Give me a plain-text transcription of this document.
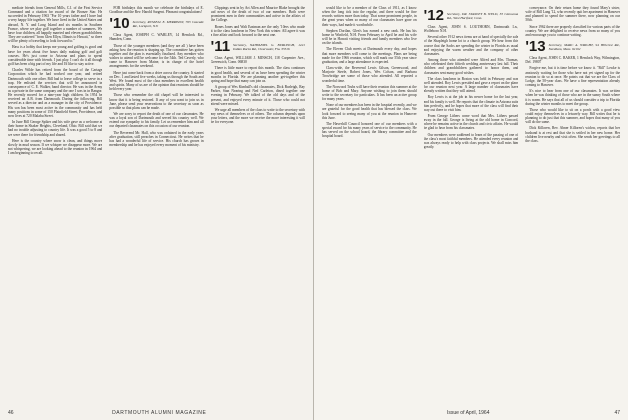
mediate friends from General Mills, C.I. of the First Service Command and a citation for award of the Bronze Star. He succeeded in February 1963 "For 10 years father and I have had a very happy life together. We have lived in the United States and abroad, N. Y. and Long Island and six months in Southern France, where we play golf together a number of summers. We have four children, all happily married and eleven grandchildren. They are scattered "from Glen Ellyn, Illinois to Hawaii," so there will be plenty of traveling to look forward to."

Hass is a hobby that keeps me young and golfing is good and have for years about five hours daily making golf and golf courses. He's just come to Arizona and plans to spend considerable time with friends. I just play. I can't do it all though golf has been a big part of my life and I'd like to stay active.

Charles Wilde has retired from the board of the Cartage Corporation which he had worked one year, and retired Dartmouth with one other. Bill had to leave college to serve in a trap. He enlisted the services that will be announced in consequence of C. E. Walker, band director. He was in the Army as a private in the same company and the one I was in in Bangor. He recently moved for a nine-year high children. In 1954 he received an A.B. from Dartmouth. During the following, Bill served as a director and as a manager in the city of Providence. His son has been most active in the community and has held many positions in some of 150 Plainfield Street, Providence, and now lives at 720 Malabu Street.

In June Bill George Spiker and his wife gave us a welcome at their home in Shaker Heights, Cleveland, Ohio. Bill said that we had no trouble adjusting to country life. It was a good 5 to 8 and we were there for friendship and shared.

Here is the country where snow is clean, and things move slowly in mud season. If we whisper we disappear more. We are not whispering, we are looking ahead to the reunion in 1964 and I am beginning to recall.

FOR birthdays this month we celebrate the birthdays of E. Goodhue and the Rev. Harold Sargent. Pleasant congratulations!

'10 Secretary, RUSSELL E. MERRISON, 703 Cascade Rd., Lockport, N.Y.

Class Agent, JOSEPH C. WARLEY, 14 Hemlock Rd., Hamden, Conn.

Those of the younger members (and they are all ) have been asking how the reunion is shaping up. The committee has gotten together and the plan is essentially finalized. Any member who wishes to attend will be welcome for the 54th. Ted Caverly, who came to Hanover from Maine, is in charge of the hotel arrangements for the weekend.

Have just come back from a drive across the country. It started on Dec. 1 and lasted five weeks, taking us through the South and West. We found most of the class members in excellent health and spirits. Many of us are of the opinion that reunions should be held every year.

Those who remember the old chapel will be interested to know that it is being restored. If any of you want to join us in June, please send your reservations to the secretary as soon as possible so that plans can be made.

We are sorry to report the death of one of our classmates. He was a loyal son of Dartmouth and served his country well. We extend our sympathy to his family. Let us remember him and all our departed classmates on this occasion of our reunion.

The Reverend Mr. Hall, who was ordained in the early years after graduation, still preaches in Connecticut. He writes that he has had a wonderful life of service. His church has grown in membership and he has enjoyed every moment of his ministry.

Clippings sent in by Art Allen and Maurice Blake brought the sad news of the death of two of our members. Both were prominent men in their communities and active in the affairs of the College.

Bones Jones and Walt Eastman are the only '10ers who made it to the class luncheon in New York this winter. All agree it was a fine affair and look forward to the next one.

'11 Secretary, NATHANIEL G. BURLEIGH, 1221 Indian Rocks Rd., Clearwater, Fla. 33516

Class Agent, WILLIAM J. MINSCH, 118 Carpenter Ave., Greenwich, Conn. 06830

There is little more to report this month. The class continues in good health, and several of us have been spending the winter months in Florida. We are planning another get-together this spring and hope that many can join us.

A group of Wes Kimball's old classmates, Dick Burleigh, Ray Parker, Stan Nearing and Ned Carleton, dined together one evening in February. We talked of the old days and of the present, and enjoyed every minute of it. Those who could not attend were missed.

We urge all members of the class to write to the secretary with any news of themselves or of others. The column depends upon your letters, and the more we receive the more interesting it will be for everyone.

46	DARTMOUTH ALUMNI MAGAZINE

would like to be a member of the Class of 1911, as I know when the long tick into the regular, and there would be fine records written more than today. That some prominent people, in the great years when so many of our classmates have gone on their ways, had made it worthwhile.

Stephen Dorilan, Glen's has earned a new rank. He has his home in Winfield, N.H. From February to April he and his wife will be in Hawaii visiting friends and family members who live on the islands.

The Eleven Club meets at Dartmouth every day, and hopes that more members will come to the meetings. Plans are being made for the 1966 reunion, which will mark our 55th year since graduation, and a large attendance is expected.

Class-wide, the Reverend Lewis Gilson, Greenwood, and Marjorie Steele, Robert Jones, Wes Colson, and Barbara Trowbridge are some of those who attended. All reported a wonderful time.

The Norwood Trubs will have their reunion this summer at the home of Bob and Mary. Anyone wishing to join them should write to the secretary for particulars. It has been an active group for many years.

None of our members has been in the hospital recently, and we are grateful for the good health that has blessed the class. We look forward to seeing many of you at the reunion in Hanover this June.

The Haverhill Council honored one of our members with a special award for his many years of service to the community. He has served on the school board, the library committee and the hospital board.

'12 Secretary, DR. STANLEY B. WELD, 33 Glenwood Rd., West Hartford, Conn.

Class Agent, JOHN S. LOUTHORN, Dartmouth Ln., Wolfeboro N.H.

Several other 1912 news items are at hand of specially the sale of the Shapleigh home lot to a church group. We hear from this source that the Sachs are spending the winter in Florida as usual and enjoying the warm weather and the company of other classmates.

Among those who attended were Alfred and Mrs. Thomas, who celebrated their fiftieth wedding anniversary last fall. Their children and grandchildren gathered to honor them, and classmates sent many good wishes.

The class luncheon in Boston was held in February and was well attended. Roy Lewis presided and gave a report on the plans for our reunion next year. A large number of classmates have already written that they will attend.

Roy Lewis is at the job in his newer home for the last year, and his family is well. He reports that the climate in Arizona suits him perfectly, and he hopes that more of the class will find their way out there to visit him.

From George Lithers come word that Mrs. Lithers passed away in the fall. George is living at the old home in Concord, where he remains active in the church and civic affairs. He would be glad to hear from his classmates.

Our members were saddened to learn of the passing of one of the class's most faithful members. He attended every reunion and was always ready to help with class projects. We shall miss him greatly.

conveyance. On their return home they found Mary's sister, wife of Bill Lang '12, who recently quit her apartment in Hanover and planned to spend the summer there, now planning on our 50th.

Since 1962 there are properly classified for various parts of the country. We are delighted to receive news from so many of you and encourage you to continue writing.

'13 Secretary, MARC A. WRIGHT, 94 Hillcrest Rd., Needham, Mass. 02192

Class Agent, JOHN C. BAKER, 1 Hemlock Way, Wilmington, Del. 19807

Forgive me, but it is time before we know it. "Bill" Lowke is anxiously waiting for those who have not yet signed up for the reunion to do so at once. He points out that we are the Class of Lodge, the 50-year class. We have a fine representation already coming to Hanover.

It's nice to hear from one of our classmates. It was written when he was thinking of those who are in the sunny South where it is warm. He says that all of us should consider a trip to Florida during the winter months to meet the group.

Those who would like to sit on a porch with a good view could enjoy themselves in a leisurely way. Bill writes that he is planning to do just that this summer, and hopes that many of you will do the same.

Dick Killoren, Rev. Abner Killoren's widow, reports that her husband is at rest and that she is settled in her new home. Her children live nearby and visit often. She sends her greetings to all the class.

Issue of April, 1964	47
